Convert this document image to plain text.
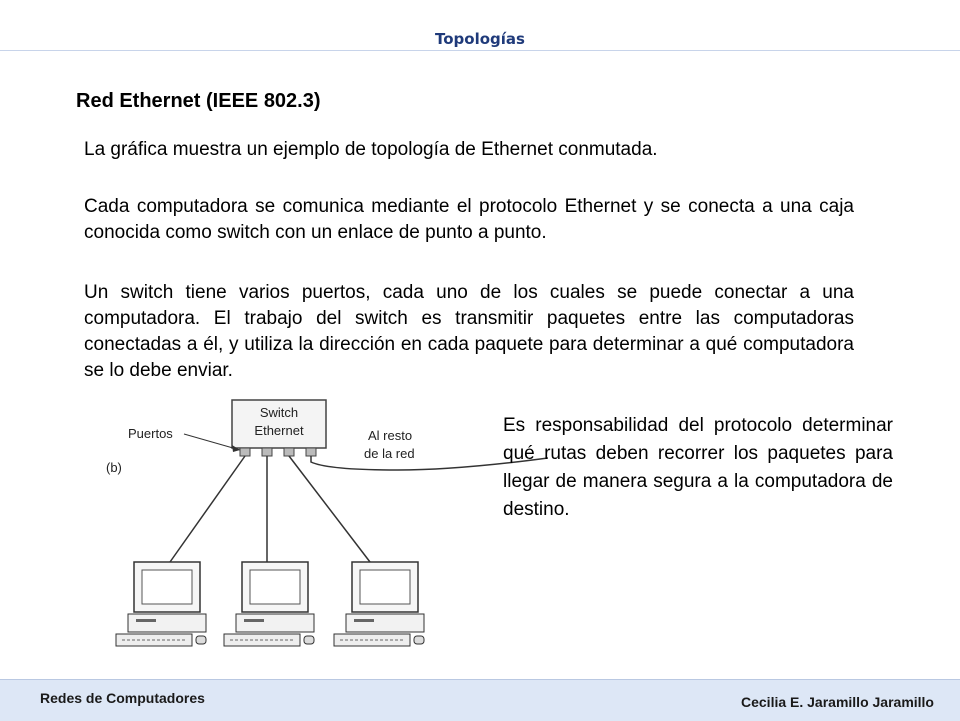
Topologías
Red Ethernet (IEEE 802.3)
La gráfica muestra un ejemplo de topología de Ethernet conmutada.
Cada computadora se comunica mediante el protocolo Ethernet y se conecta a una caja conocida como switch con un enlace de punto a punto.
Un switch tiene varios puertos, cada uno de los cuales se puede conectar a una computadora. El trabajo del switch es transmitir paquetes entre las computadoras conectadas a él, y utiliza la dirección en cada paquete para determinar a qué computadora se lo debe enviar.
Switch
Ethernet
Puertos
(b)
Al resto
de la red
Es responsabilidad del protocolo determinar qué rutas deben recorrer los paquetes para llegar de manera segura a la computadora de destino.
Redes de Computadores	Cecilia E. Jaramillo Jaramillo
